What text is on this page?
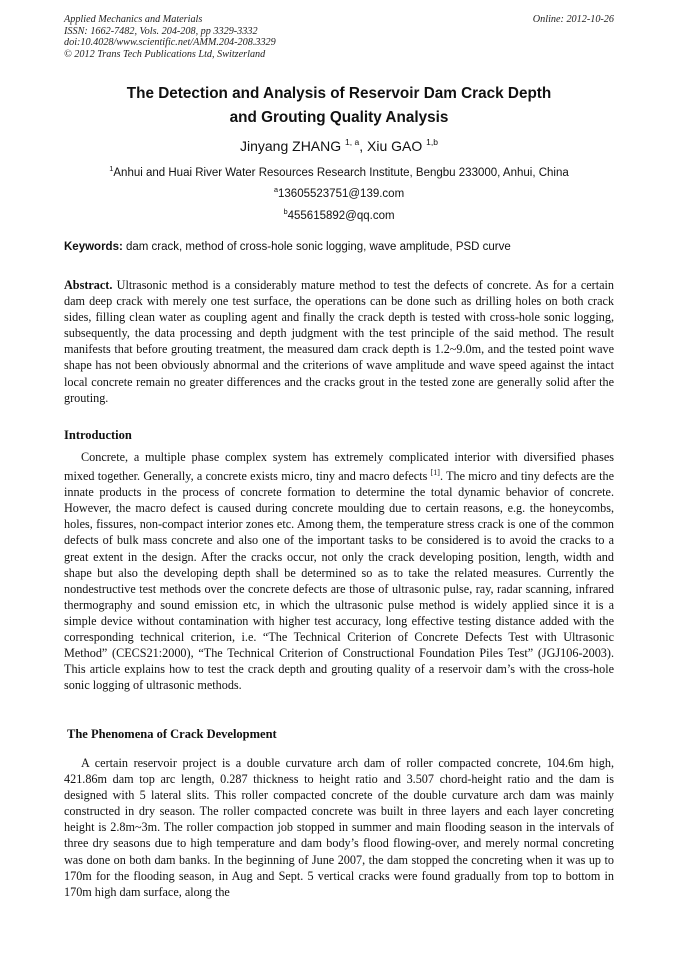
Applied Mechanics and Materials
ISSN: 1662-7482, Vols. 204-208, pp 3329-3332
doi:10.4028/www.scientific.net/AMM.204-208.3329
© 2012 Trans Tech Publications Ltd, Switzerland
Online: 2012-10-26
The Detection and Analysis of Reservoir Dam Crack Depth
and Grouting Quality Analysis
Jinyang ZHANG $^{1, a}$, Xiu GAO $^{1,b}$
$^1$Anhui and Huai River Water Resources Research Institute, Bengbu 233000, Anhui, China
$^a$13605523751@139.com
$^b$455615892@qq.com
Keywords: dam crack, method of cross-hole sonic logging, wave amplitude, PSD curve
Abstract. Ultrasonic method is a considerably mature method to test the defects of concrete. As for a certain dam deep crack with merely one test surface, the operations can be done such as drilling holes on both crack sides, filling clean water as coupling agent and finally the crack depth is tested with cross-hole sonic logging, subsequently, the data processing and depth judgment with the test principle of the said method. The result manifests that before grouting treatment, the measured dam crack depth is 1.2~9.0m, and the tested point wave shape has not been obviously abnormal and the criterions of wave amplitude and wave speed against the intact local concrete remain no greater differences and the cracks grout in the tested zone are generally solid after the grouting.
Introduction
Concrete, a multiple phase complex system has extremely complicated interior with diversified phases mixed together. Generally, a concrete exists micro, tiny and macro defects [1]. The micro and tiny defects are the innate products in the process of concrete formation to determine the total dynamic behavior of concrete. However, the macro defect is caused during concrete moulding due to certain reasons, e.g. the honeycombs, holes, fissures, non-compact interior zones etc. Among them, the temperature stress crack is one of the common defects of bulk mass concrete and also one of the important tasks to be considered is to avoid the cracks to a great extent in the design. After the cracks occur, not only the crack developing position, length, width and shape but also the developing depth shall be determined so as to take the related measures. Currently the nondestructive test methods over the concrete defects are those of ultrasonic pulse, ray, radar scanning, infrared thermography and sound emission etc, in which the ultrasonic pulse method is widely applied since it is a simple device without contamination with higher test accuracy, long effective testing distance added with the corresponding technical criterion, i.e. “The Technical Criterion of Concrete Defects Test with Ultrasonic Method” (CECS21:2000), “The Technical Criterion of Constructional Foundation Piles Test” (JGJ106-2003). This article explains how to test the crack depth and grouting quality of a reservoir dam’s with the cross-hole sonic logging of ultrasonic methods.
The Phenomena of Crack Development
A certain reservoir project is a double curvature arch dam of roller compacted concrete, 104.6m high, 421.86m dam top arc length, 0.287 thickness to height ratio and 3.507 chord-height ratio and the dam is designed with 5 lateral slits. This roller compacted concrete of the double curvature arch dam was mainly constructed in dry season. The roller compacted concrete was built in three layers and each layer concreting height is 2.8m~3m. The roller compaction job stopped in summer and main flooding season in the intervals of three dry seasons due to high temperature and dam body’s flood flowing-over, and merely normal concreting was done on both dam banks. In the beginning of June 2007, the dam stopped the concreting when it was up to 170m for the flooding season, in Aug and Sept. 5 vertical cracks were found gradually from top to bottom in 170m high dam surface, along the
